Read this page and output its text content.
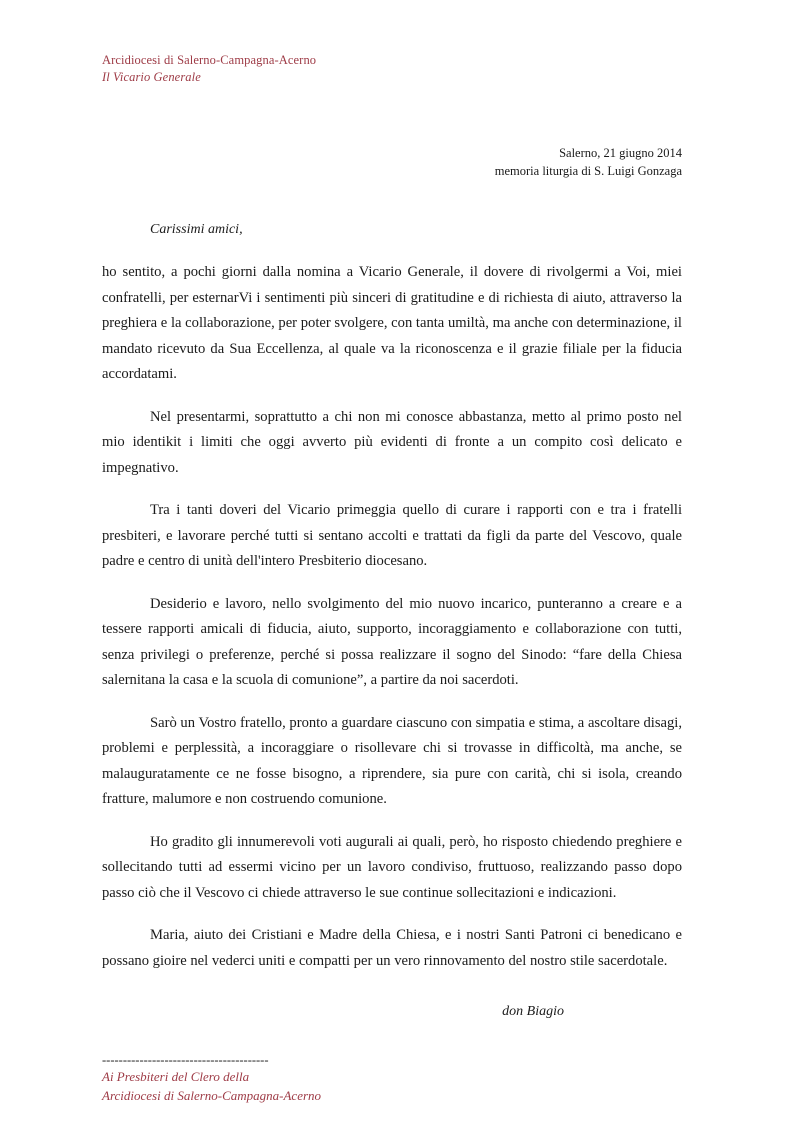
Arcidiocesi di Salerno-Campagna-Acerno
Il Vicario Generale
Salerno, 21 giugno 2014
memoria liturgia di S. Luigi Gonzaga
Carissimi amici,

ho sentito, a pochi giorni dalla nomina a Vicario Generale, il dovere di rivolgermi a Voi, miei confratelli, per esternarVi i sentimenti più sinceri di gratitudine e di richiesta di aiuto, attraverso la preghiera e la collaborazione, per poter svolgere, con tanta umiltà, ma anche con determinazione, il mandato ricevuto da Sua Eccellenza, al quale va la riconoscenza e il grazie filiale per la fiducia accordatami.

Nel presentarmi, soprattutto a chi non mi conosce abbastanza, metto al primo posto nel mio identikit i limiti che oggi avverto più evidenti di fronte a un compito così delicato e impegnativo.

Tra i tanti doveri del Vicario primeggia quello di curare i rapporti con e tra i fratelli presbiteri, e lavorare perché tutti si sentano accolti e trattati da figli da parte del Vescovo, quale padre e centro di unità dell'intero Presbiterio diocesano.

Desiderio e lavoro, nello svolgimento del mio nuovo incarico, punteranno a creare e a tessere rapporti amicali di fiducia, aiuto, supporto, incoraggiamento e collaborazione con tutti, senza privilegi o preferenze, perché si possa realizzare il sogno del Sinodo: “fare della Chiesa salernitana la casa e la scuola di comunione”, a partire da noi sacerdoti.

Sarò un Vostro fratello, pronto a guardare ciascuno con simpatia e stima, a ascoltare disagi, problemi e perplessità, a incoraggiare o risollevare chi si trovasse in difficoltà, ma anche, se malauguratamente ce ne fosse bisogno, a riprendere, sia pure con carità, chi si isola, creando fratture, malumore e non costruendo comunione.

Ho gradito gli innumerevoli voti augurali ai quali, però, ho risposto chiedendo preghiere e sollecitando tutti ad essermi vicino per un lavoro condiviso, fruttuoso, realizzando passo dopo passo ciò che il Vescovo ci chiede attraverso le sue continue sollecitazioni e indicazioni.

Maria, aiuto dei Cristiani e Madre della Chiesa, e i nostri Santi Patroni ci benedicano e possano gioire nel vederci uniti e compatti per un vero rinnovamento del nostro stile sacerdotale.

don Biagio
----------------------------------------
Ai Presbiteri del Clero della
Arcidiocesi di Salerno-Campagna-Acerno
